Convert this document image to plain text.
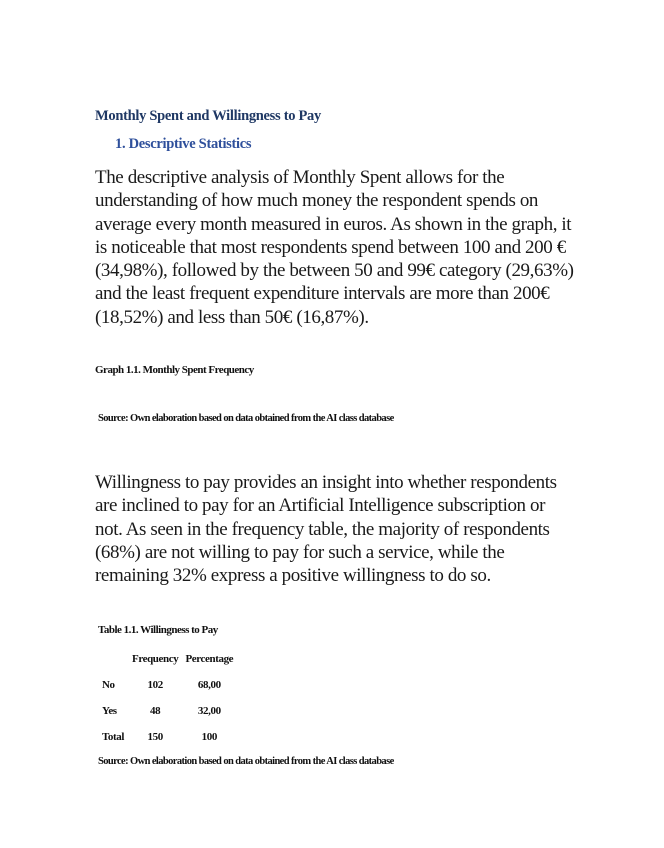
Monthly Spent and Willingness to Pay
1. Descriptive Statistics

The descriptive analysis of Monthly Spent allows for the understanding of how much money the respondent spends on average every month measured in euros. As shown in the graph, it is noticeable that most respondents spend between 100 and 200 € (34,98%), followed by the between 50 and 99€ category (29,63%) and the least frequent expenditure intervals are more than 200€ (18,52%) and less than 50€ (16,87%).

Graph 1.1. Monthly Spent Frequency
Source: Own elaboration based on data obtained from the AI class database

Willingness to pay provides an insight into whether respondents are inclined to pay for an Artificial Intelligence subscription or not. As seen in the frequency table, the majority of respondents (68%) are not willing to pay for such a service, while the remaining 32% express a positive willingness to do so.

Table 1.1. Willingness to Pay
	Frequency	Percentage
No	102	68,00
Yes	48	32,00
Total	150	100
Source: Own elaboration based on data obtained from the AI class database
